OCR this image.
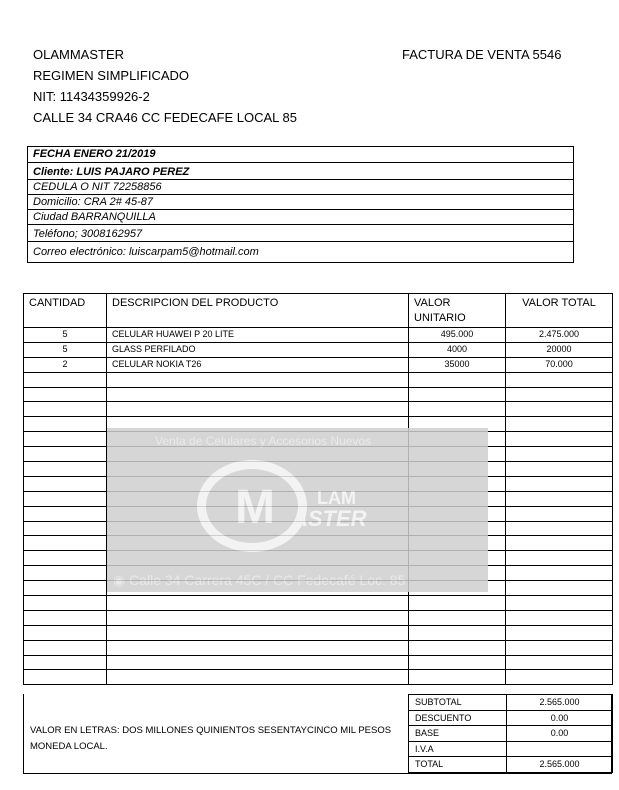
OLAMMASTER
REGIMEN SIMPLIFICADO
NIT: 11434359926-2
CALLE 34 CRA46 CC FEDECAFE LOCAL 85
FACTURA DE VENTA 5546
FECHA ENERO 21/2019
Cliente: LUIS PAJARO PEREZ
CEDULA O NIT 72258856
Domicilio: CRA 2# 45-87
Ciudad BARRANQUILLA
Teléfono; 3008162957
Correo electrónico: luiscarpam5@hotmail.com
CANTIDAD	DESCRIPCION DEL PRODUCTO	VALOR UNITARIO	VALOR TOTAL
5	CELULAR HUAWEI P 20 LITE	495.000	2.475.000
5	GLASS PERFILADO	4000	20000
2	CELULAR NOKIA T26	35000	70.000

Venta de Celulares y Accesorios Nuevos
M LAM
ASTER
◉ Calle 34 Carrera 45C / CC Fedecafé Loc. 85
VALOR EN LETRAS: DOS MILLONES QUINIENTOS SESENTAYCINCO MIL PESOS MONEDA LOCAL.
SUBTOTAL	2.565.000
DESCUENTO	0.00
BASE	0.00
I.V.A	
TOTAL	2.565.000
